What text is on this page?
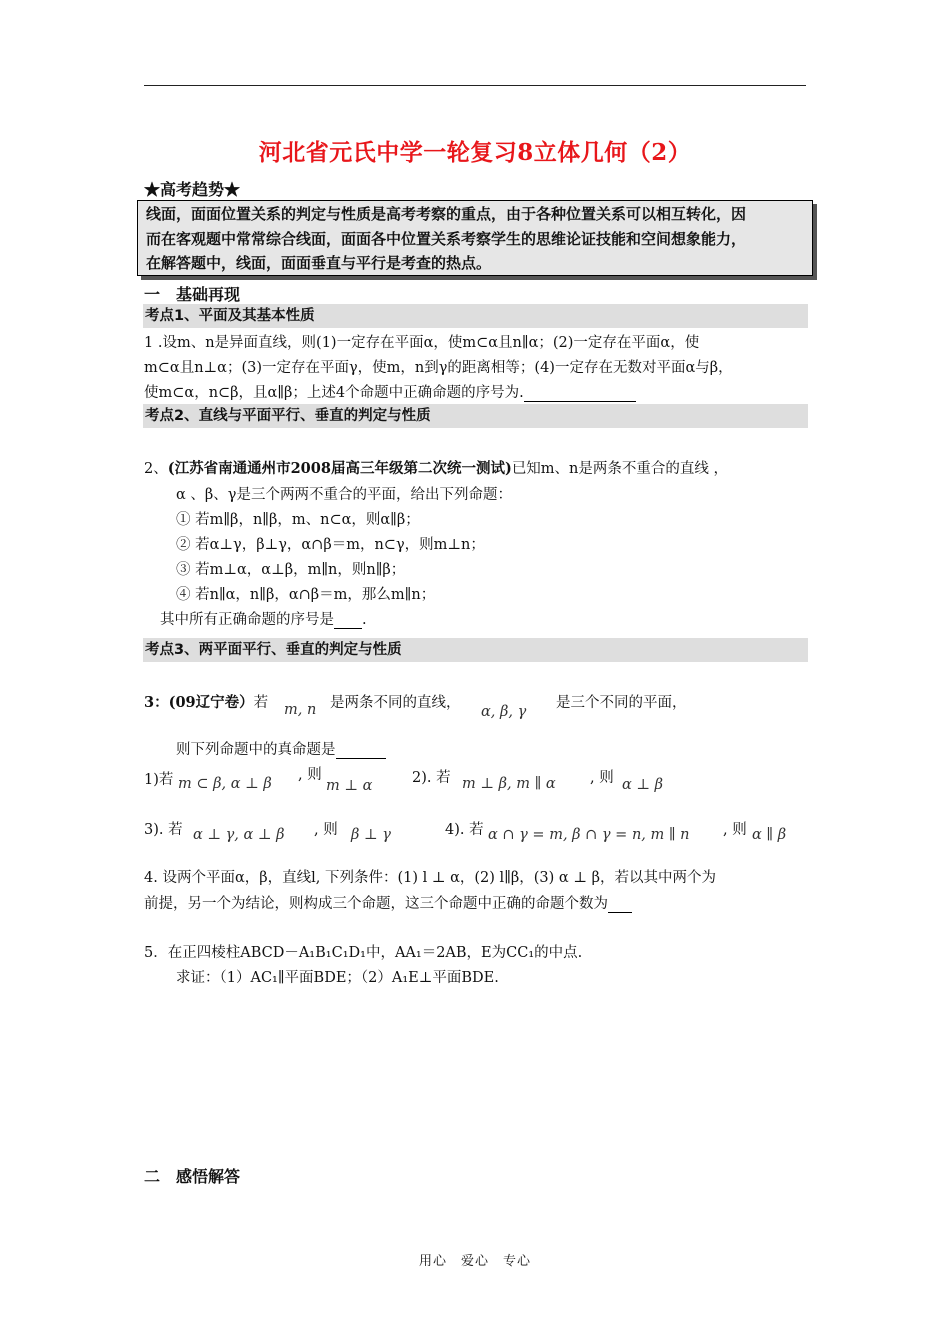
河北省元氏中学一轮复习8立体几何（2）
★高考趋势★
线面，面面位置关系的判定与性质是高考考察的重点，由于各种位置关系可以相互转化，因
而在客观题中常常综合线面，面面各中位置关系考察学生的思维论证技能和空间想象能力，
在解答题中，线面，面面垂直与平行是考查的热点。
一　基础再现
考点1、平面及其基本性质
1 .设m、n是异面直线，则(1)一定存在平面α，使m⊂α且n∥α；(2)一定存在平面α，使
m⊂α且n⊥α；(3)一定存在平面γ，使m，n到γ的距离相等；(4)一定存在无数对平面α与β，
使m⊂α，n⊂β，且α∥β；上述4个命题中正确命题的序号为.
考点2、直线与平面平行、垂直的判定与性质
2、(江苏省南通通州市2008届高三年级第二次统一测试)已知m、n是两条不重合的直线 ，
α 、β、γ是三个两两不重合的平面，给出下列命题：
① 若m∥β，n∥β，m、n⊂α，则α∥β；
② 若α⊥γ，β⊥γ，α∩β＝m，n⊂γ，则m⊥n；
③ 若m⊥α，α⊥β，m∥n，则n∥β；
④ 若n∥α，n∥β，α∩β＝m，那么m∥n；
其中所有正确命题的序号是 .
考点3、两平面平行、垂直的判定与性质
3：(09辽宁卷）若 m, n 是两条不同的直线，
α, β, γ
是三个不同的平面，
则下列命题中的真命题是
1)若 m ⊂ β, α ⊥ β
, 则
m ⊥ α	2). 若 m ⊥ β, m ∥ α , 则 α ⊥ β
3). 若 α ⊥ γ, α ⊥ β , 则 β ⊥ γ	4). 若 α ∩ γ = m, β ∩ γ = n, m ∥ n , 则 α ∥ β
4. 设两个平面α，β，直线l, 下列条件：(1) l ⊥ α，(2) l∥β，(3) α ⊥ β，若以其中两个为
前提，另一个为结论，则构成三个命题，这三个命题中正确的命题个数为
5．在正四棱柱ABCD－A₁B₁C₁D₁中，AA₁＝2AB，E为CC₁的中点.
求证：（1）AC₁∥平面BDE；（2）A₁E⊥平面BDE.
二　感悟解答
用心　爱心　专心
